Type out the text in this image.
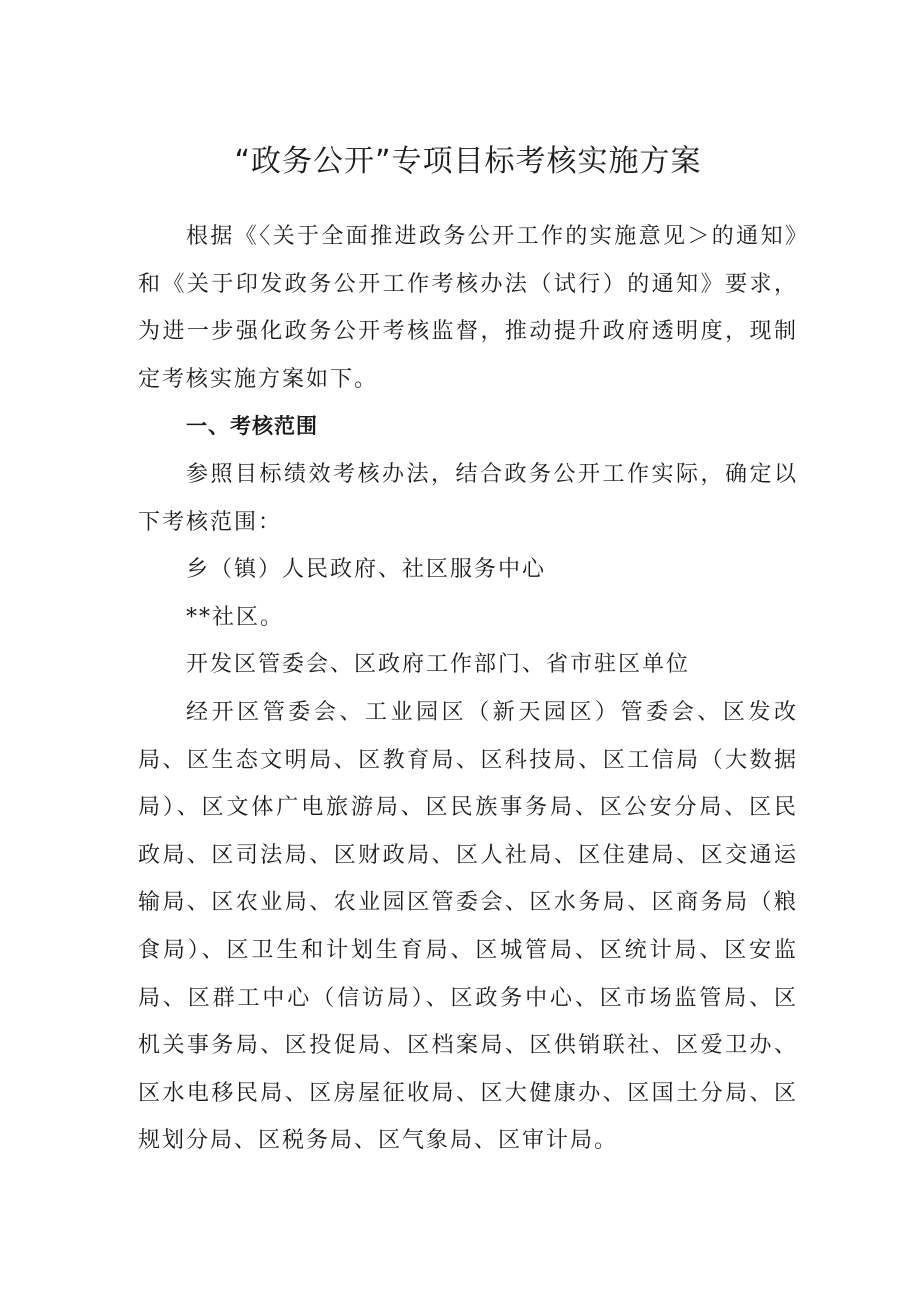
“政务公开”专项目标考核实施方案

根据《〈关于全面推进政务公开工作的实施意见＞的通知》和《关于印发政务公开工作考核办法（试行）的通知》要求，为进一步强化政务公开考核监督，推动提升政府透明度，现制定考核实施方案如下。

一、考核范围

参照目标绩效考核办法，结合政务公开工作实际，确定以下考核范围：

乡（镇）人民政府、社区服务中心

**社区。

开发区管委会、区政府工作部门、省市驻区单位

经开区管委会、工业园区（新天园区）管委会、区发改局、区生态文明局、区教育局、区科技局、区工信局（大数据局）、区文体广电旅游局、区民族事务局、区公安分局、区民政局、区司法局、区财政局、区人社局、区住建局、区交通运输局、区农业局、农业园区管委会、区水务局、区商务局（粮食局）、区卫生和计划生育局、区城管局、区统计局、区安监局、区群工中心（信访局）、区政务中心、区市场监管局、区机关事务局、区投促局、区档案局、区供销联社、区爱卫办、区水电移民局、区房屋征收局、区大健康办、区国土分局、区规划分局、区税务局、区气象局、区审计局。
